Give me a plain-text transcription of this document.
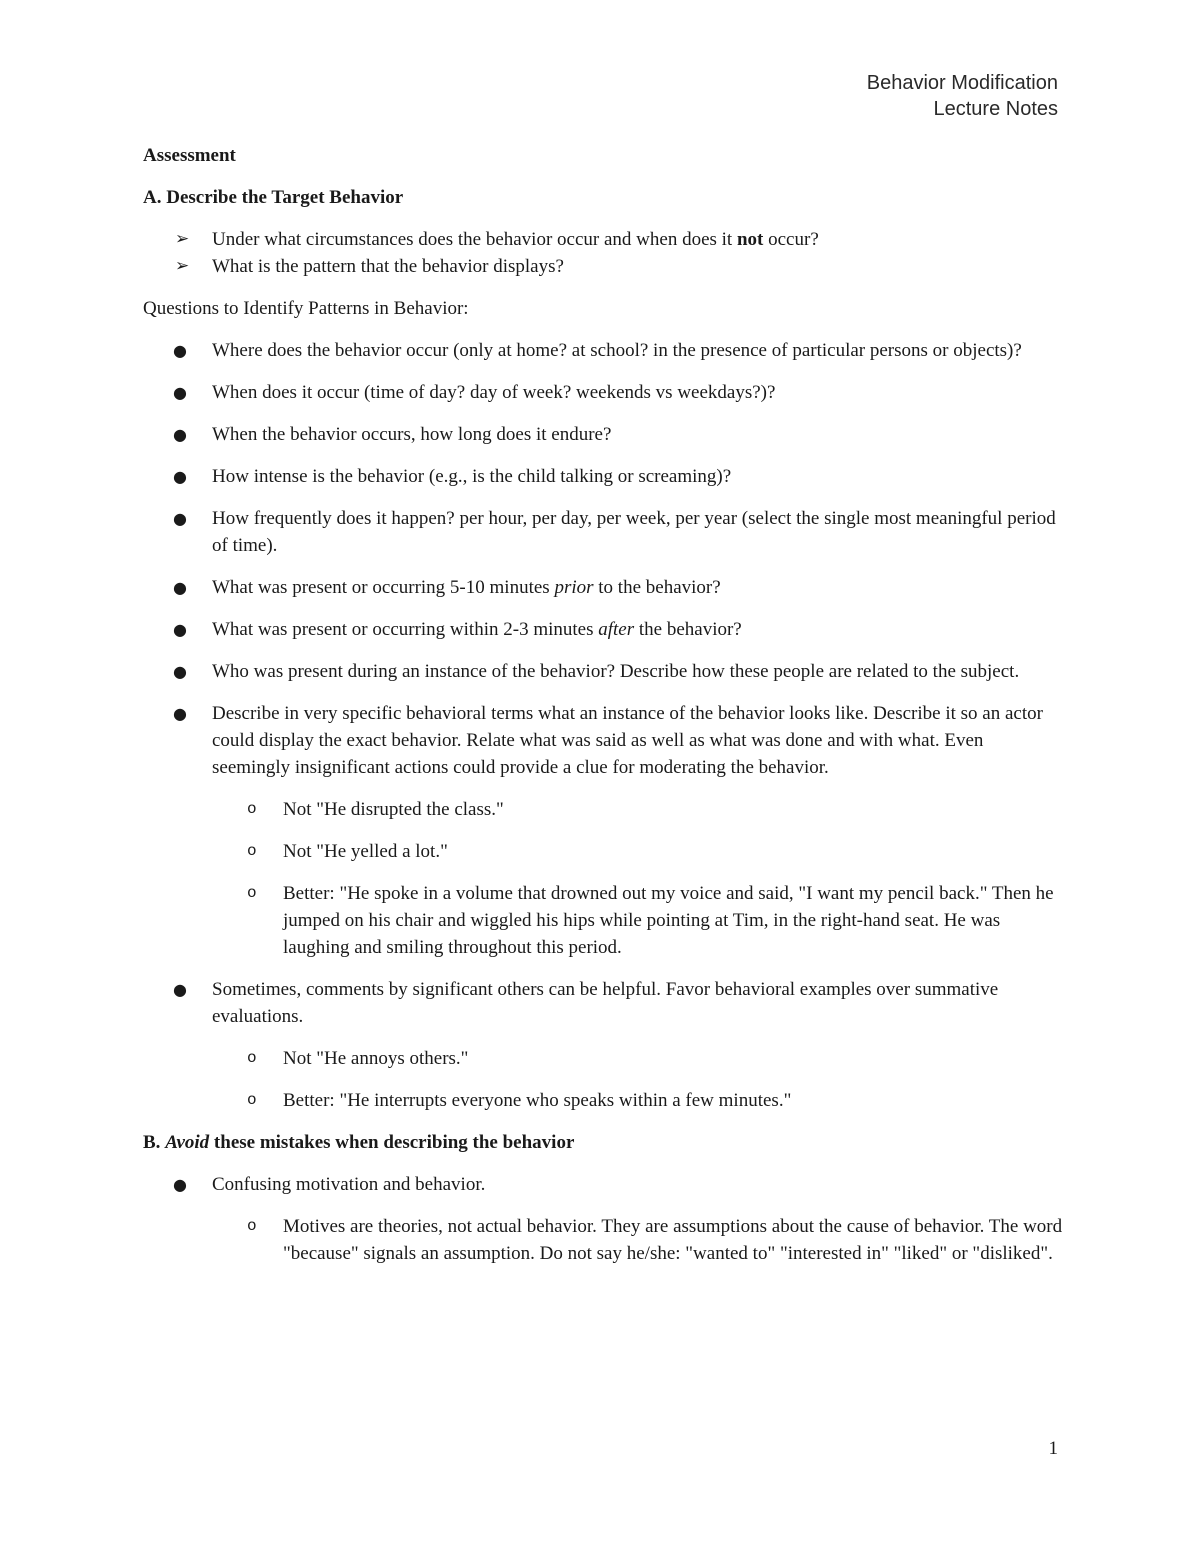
Behavior Modification
Lecture Notes

Assessment

A. Describe the Target Behavior

➢ Under what circumstances does the behavior occur and when does it not occur?
➢ What is the pattern that the behavior displays?

Questions to Identify Patterns in Behavior:

● Where does the behavior occur (only at home? at school? in the presence of particular persons or objects)?
● When does it occur (time of day? day of week? weekends vs weekdays?)?
● When the behavior occurs, how long does it endure?
● How intense is the behavior (e.g., is the child talking or screaming)?
● How frequently does it happen? per hour, per day, per week, per year (select the single most meaningful period of time).
● What was present or occurring 5-10 minutes prior to the behavior?
● What was present or occurring within 2-3 minutes after the behavior?
● Who was present during an instance of the behavior? Describe how these people are related to the subject.
● Describe in very specific behavioral terms what an instance of the behavior looks like. Describe it so an actor could display the exact behavior. Relate what was said as well as what was done and with what. Even seemingly insignificant actions could provide a clue for moderating the behavior.
o Not "He disrupted the class."
o Not "He yelled a lot."
o Better: "He spoke in a volume that drowned out my voice and said, "I want my pencil back." Then he jumped on his chair and wiggled his hips while pointing at Tim, in the right-hand seat. He was laughing and smiling throughout this period.
● Sometimes, comments by significant others can be helpful. Favor behavioral examples over summative evaluations.
o Not "He annoys others."
o Better: "He interrupts everyone who speaks within a few minutes."

B. Avoid these mistakes when describing the behavior

● Confusing motivation and behavior.
o Motives are theories, not actual behavior. They are assumptions about the cause of behavior. The word "because" signals an assumption. Do not say he/she: "wanted to" "interested in" "liked" or "disliked".
1
